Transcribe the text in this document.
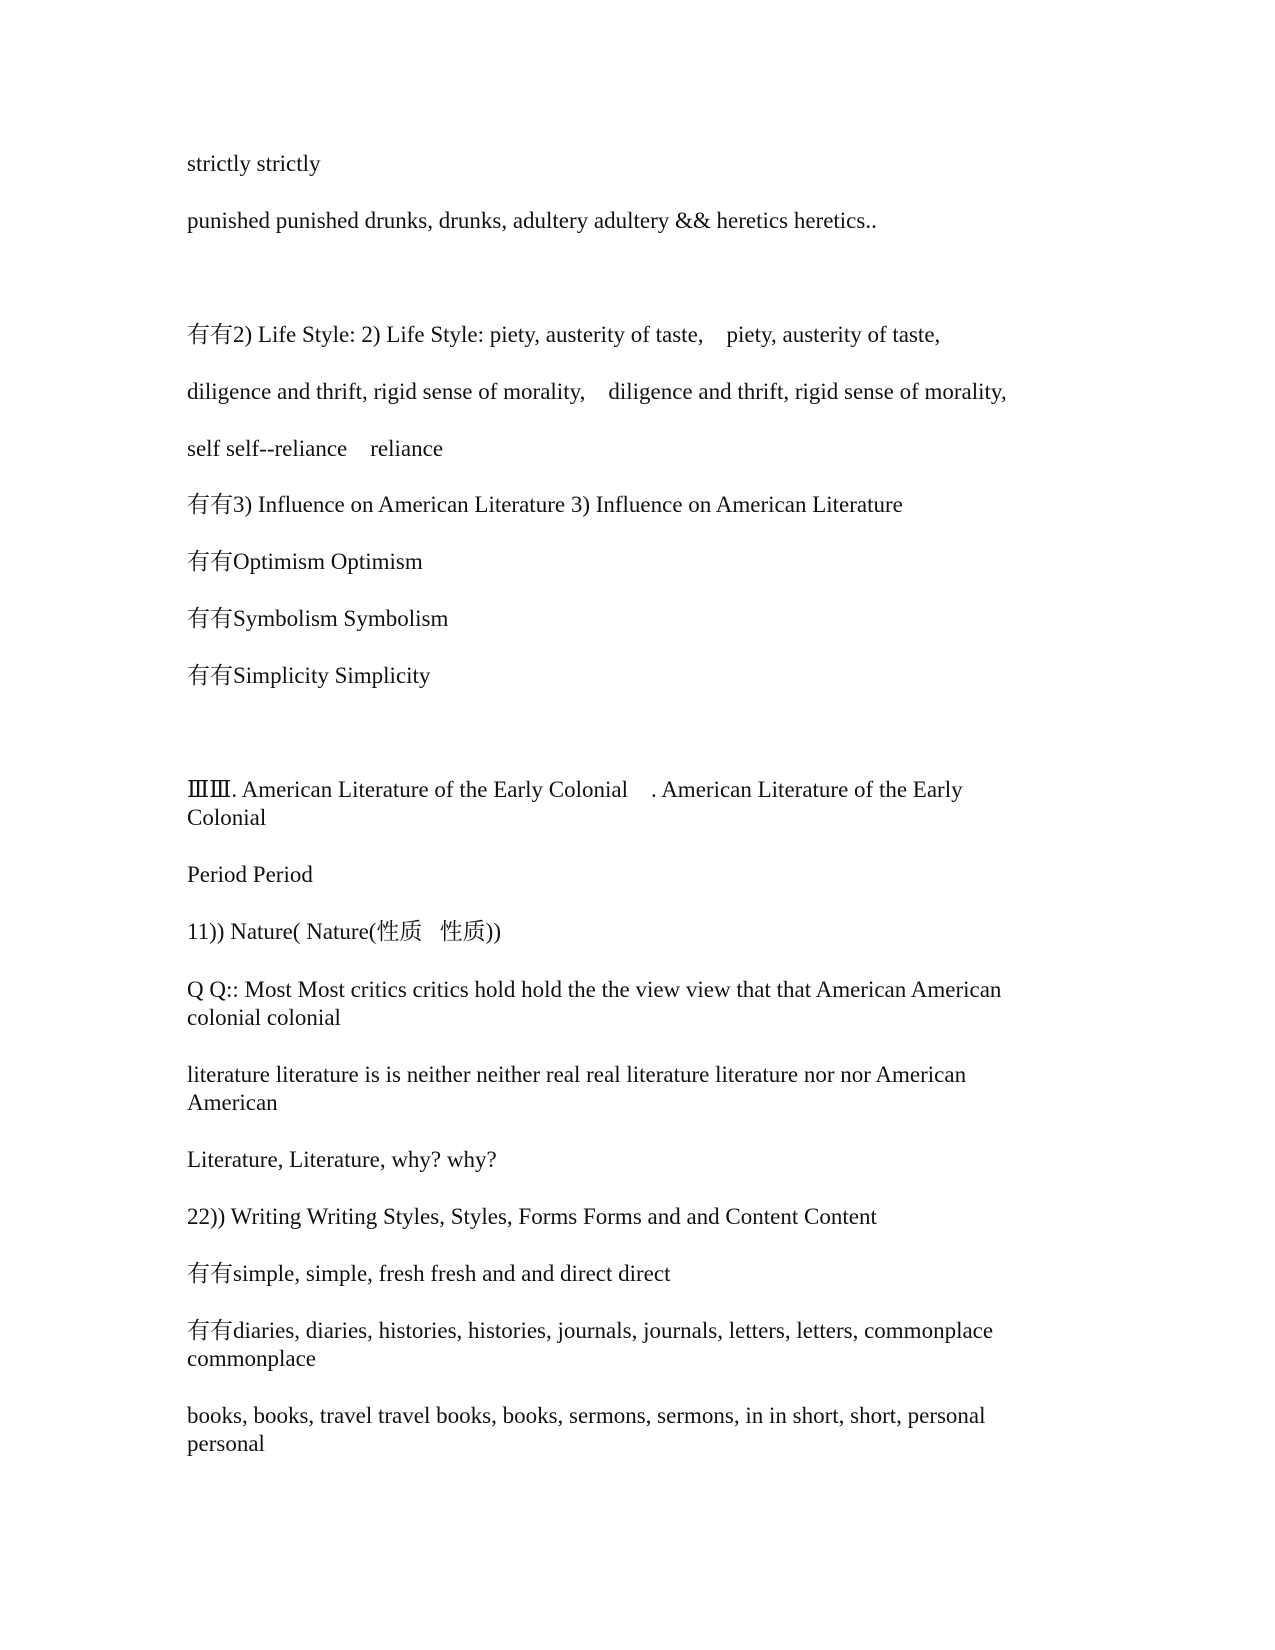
strictly strictly

punished punished drunks, drunks, adultery adultery && heretics heretics..

有有2) Life Style: 2) Life Style: piety, austerity of taste,    piety, austerity of taste,

diligence and thrift, rigid sense of morality,    diligence and thrift, rigid sense of morality,

self self--reliance    reliance

有有3) Influence on American Literature 3) Influence on American Literature

有有Optimism Optimism

有有Symbolism Symbolism

有有Simplicity Simplicity

ⅢⅢ. American Literature of the Early Colonial    . American Literature of the Early
Colonial

Period Period

11)) Nature( Nature(性质   性质))

Q Q:: Most Most critics critics hold hold the the view view that that American American
colonial colonial

literature literature is is neither neither real real literature literature nor nor American
American

Literature, Literature, why? why?

22)) Writing Writing Styles, Styles, Forms Forms and and Content Content

有有simple, simple, fresh fresh and and direct direct

有有diaries, diaries, histories, histories, journals, journals, letters, letters, commonplace
commonplace

books, books, travel travel books, books, sermons, sermons, in in short, short, personal
personal
